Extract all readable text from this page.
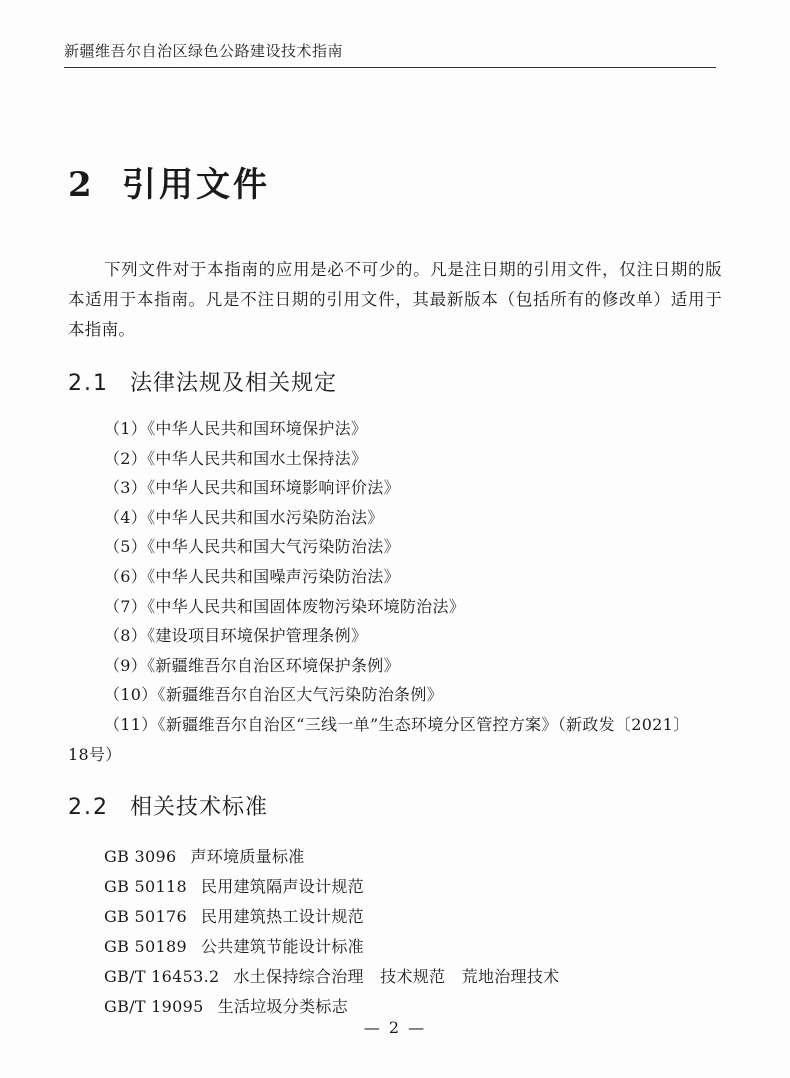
新疆维吾尔自治区绿色公路建设技术指南
2 引用文件

下列文件对于本指南的应用是必不可少的。凡是注日期的引用文件，仅注日期的版本适用于本指南。凡是不注日期的引用文件，其最新版本（包括所有的修改单）适用于本指南。

2.1 法律法规及相关规定
（1）《中华人民共和国环境保护法》
（2）《中华人民共和国水土保持法》
（3）《中华人民共和国环境影响评价法》
（4）《中华人民共和国水污染防治法》
（5）《中华人民共和国大气污染防治法》
（6）《中华人民共和国噪声污染防治法》
（7）《中华人民共和国固体废物污染环境防治法》
（8）《建设项目环境保护管理条例》
（9）《新疆维吾尔自治区环境保护条例》
（10）《新疆维吾尔自治区大气污染防治条例》
（11）《新疆维吾尔自治区“三线一单”生态环境分区管控方案》（新政发〔2021〕
18号）
2.2 相关技术标准
GB 3096 声环境质量标准
GB 50118 民用建筑隔声设计规范
GB 50176 民用建筑热工设计规范
GB 50189 公共建筑节能设计标准
GB/T 16453.2 水土保持综合治理　技术规范　荒地治理技术
GB/T 19095 生活垃圾分类标志
— 2 —
